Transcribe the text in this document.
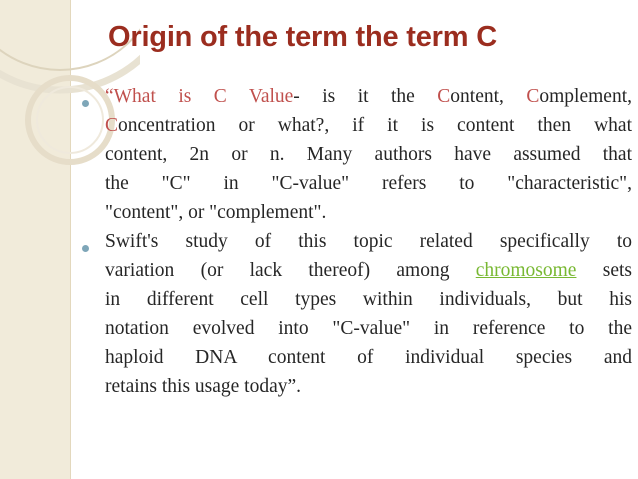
Origin of the term the term C
“What is C Value- is it the Content, Complement,
Concentration or what?, if it is content then what
content, 2n or n. Many authors have assumed that
the "C" in "C-value" refers to "characteristic",
"content", or "complement".
Swift's study of this topic related specifically to
variation (or lack thereof) among chromosome sets
in different cell types within individuals, but his
notation evolved into "C-value" in reference to the
haploid DNA content of individual species and
retains this usage today”.
